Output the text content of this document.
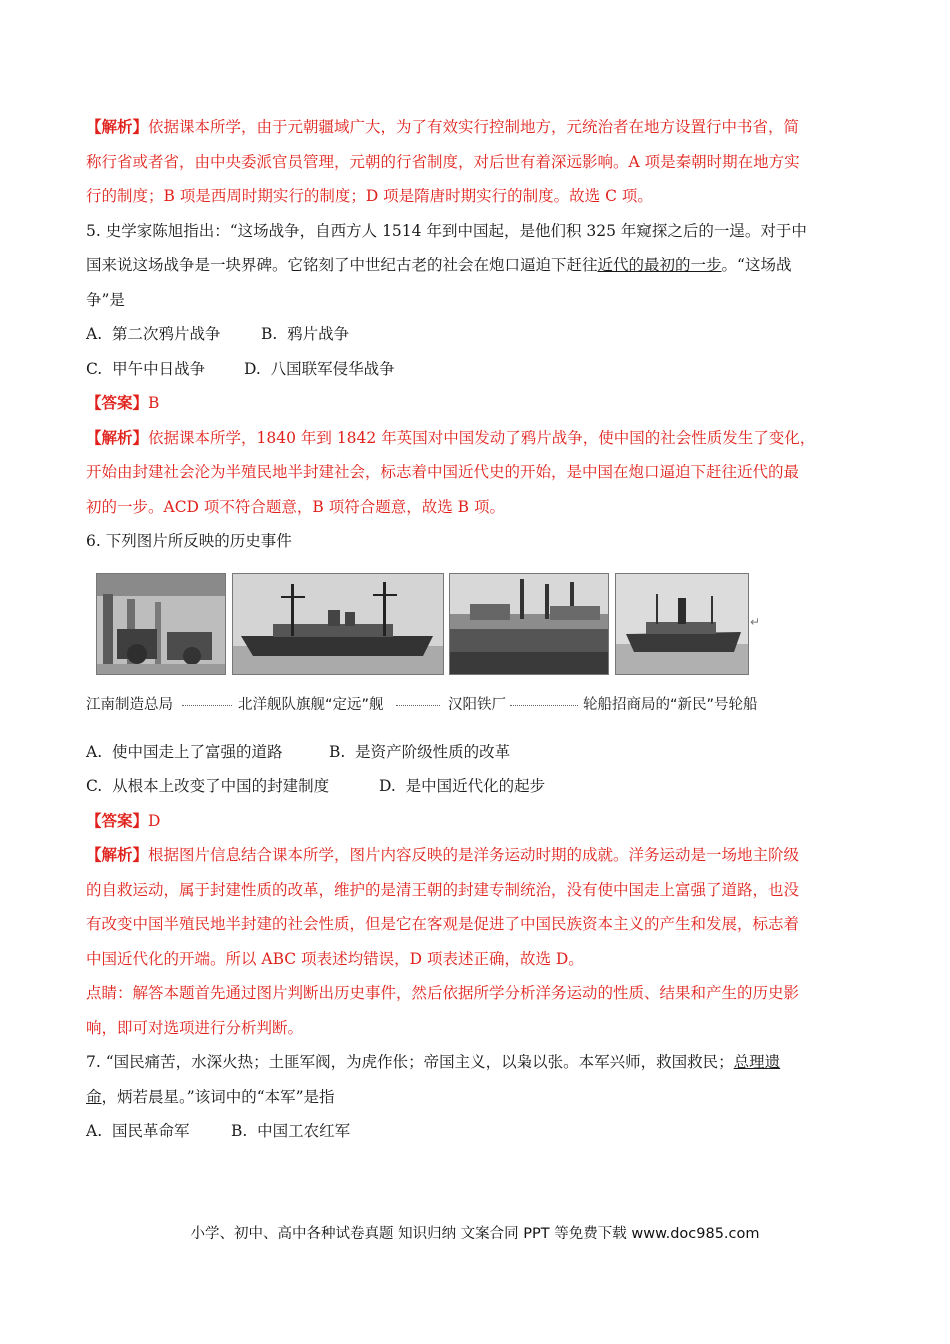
【解析】依据课本所学，由于元朝疆域广大，为了有效实行控制地方，元统治者在地方设置行中书省，简
称行省或者省，由中央委派官员管理，元朝的行省制度，对后世有着深远影响。A 项是秦朝时期在地方实
行的制度；B 项是西周时期实行的制度；D 项是隋唐时期实行的制度。故选 C 项。

5. 史学家陈旭指出：“这场战争，自西方人 1514 年到中国起，是他们积 325 年窥探之后的一逞。对于中
国来说这场战争是一块界碑。它铭刻了中世纪古老的社会在炮口逼迫下赶往近代的最初的一步。“这场战
争”是

A.  第二次鸦片战争	B.  鸦片战争
C.  甲午中日战争	D.  八国联军侵华战争

【答案】B

【解析】依据课本所学，1840 年到 1842 年英国对中国发动了鸦片战争，使中国的社会性质发生了变化，
开始由封建社会沦为半殖民地半封建社会，标志着中国近代史的开始，是中国在炮口逼迫下赶往近代的最
初的一步。ACD 项不符合题意，B 项符合题意，故选 B 项。

6. 下列图片所反映的历史事件

↵
江南制造总局	北洋舰队旗舰“定远”舰	汉阳铁厂	轮船招商局的“新民”号轮船
A.  使中国走上了富强的道路	B.  是资产阶级性质的改革
C.  从根本上改变了中国的封建制度	D.  是中国近代化的起步

【答案】D

【解析】根据图片信息结合课本所学，图片内容反映的是洋务运动时期的成就。洋务运动是一场地主阶级
的自救运动，属于封建性质的改革，维护的是清王朝的封建专制统治，没有使中国走上富强了道路，也没
有改变中国半殖民地半封建的社会性质，但是它在客观是促进了中国民族资本主义的产生和发展，标志着
中国近代化的开端。所以 ABC 项表述均错误，D 项表述正确，故选 D。
点睛：解答本题首先通过图片判断出历史事件，然后依据所学分析洋务运动的性质、结果和产生的历史影
响，即可对选项进行分析判断。

7. “国民痛苦，水深火热；土匪军阀，为虎作伥；帝国主义，以枭以张。本军兴师，救国救民；总理遗
命，炳若晨星。”该词中的“本军”是指

A.  国民革命军	B.  中国工农红军
小学、初中、高中各种试卷真题 知识归纳 文案合同 PPT 等免费下载 www.doc985.com
